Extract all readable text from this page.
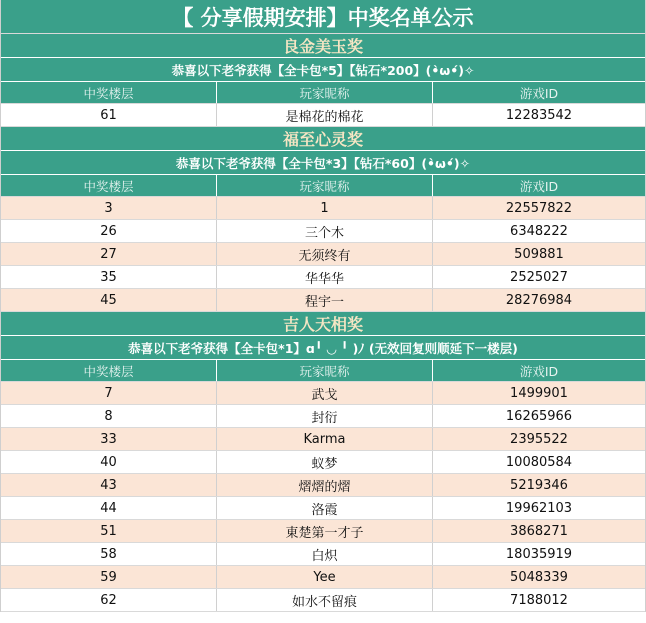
【 分享假期安排】中奖名单公示
良金美玉奖
恭喜以下老爷获得【全卡包*5】【钻石*200】(•̀ω•́)✧
中奖楼层	玩家昵称	游戏ID
61	是棉花的棉花	12283542
福至心灵奖
恭喜以下老爷获得【全卡包*3】【钻石*60】(•̀ω•́)✧
中奖楼层	玩家昵称	游戏ID
3	1	22557822
26	三个木	6348222
27	无须终有	509881
35	华华华	2525027
45	程宇一	28276984
吉人天相奖
恭喜以下老爷获得【全卡包*1】ɑ╹ ◡ ╹ )ﾉ (无效回复则顺延下一楼层)
中奖楼层	玩家昵称	游戏ID
7	武戈	1499901
8	封衍	16265966
33	Karma	2395522
40	蚁梦	10080584
43	熠熠的熠	5219346
44	洛霞	19962103
51	東楚第一才子	3868271
58	白炽	18035919
59	Yee	5048339
62	如水不留痕	7188012
